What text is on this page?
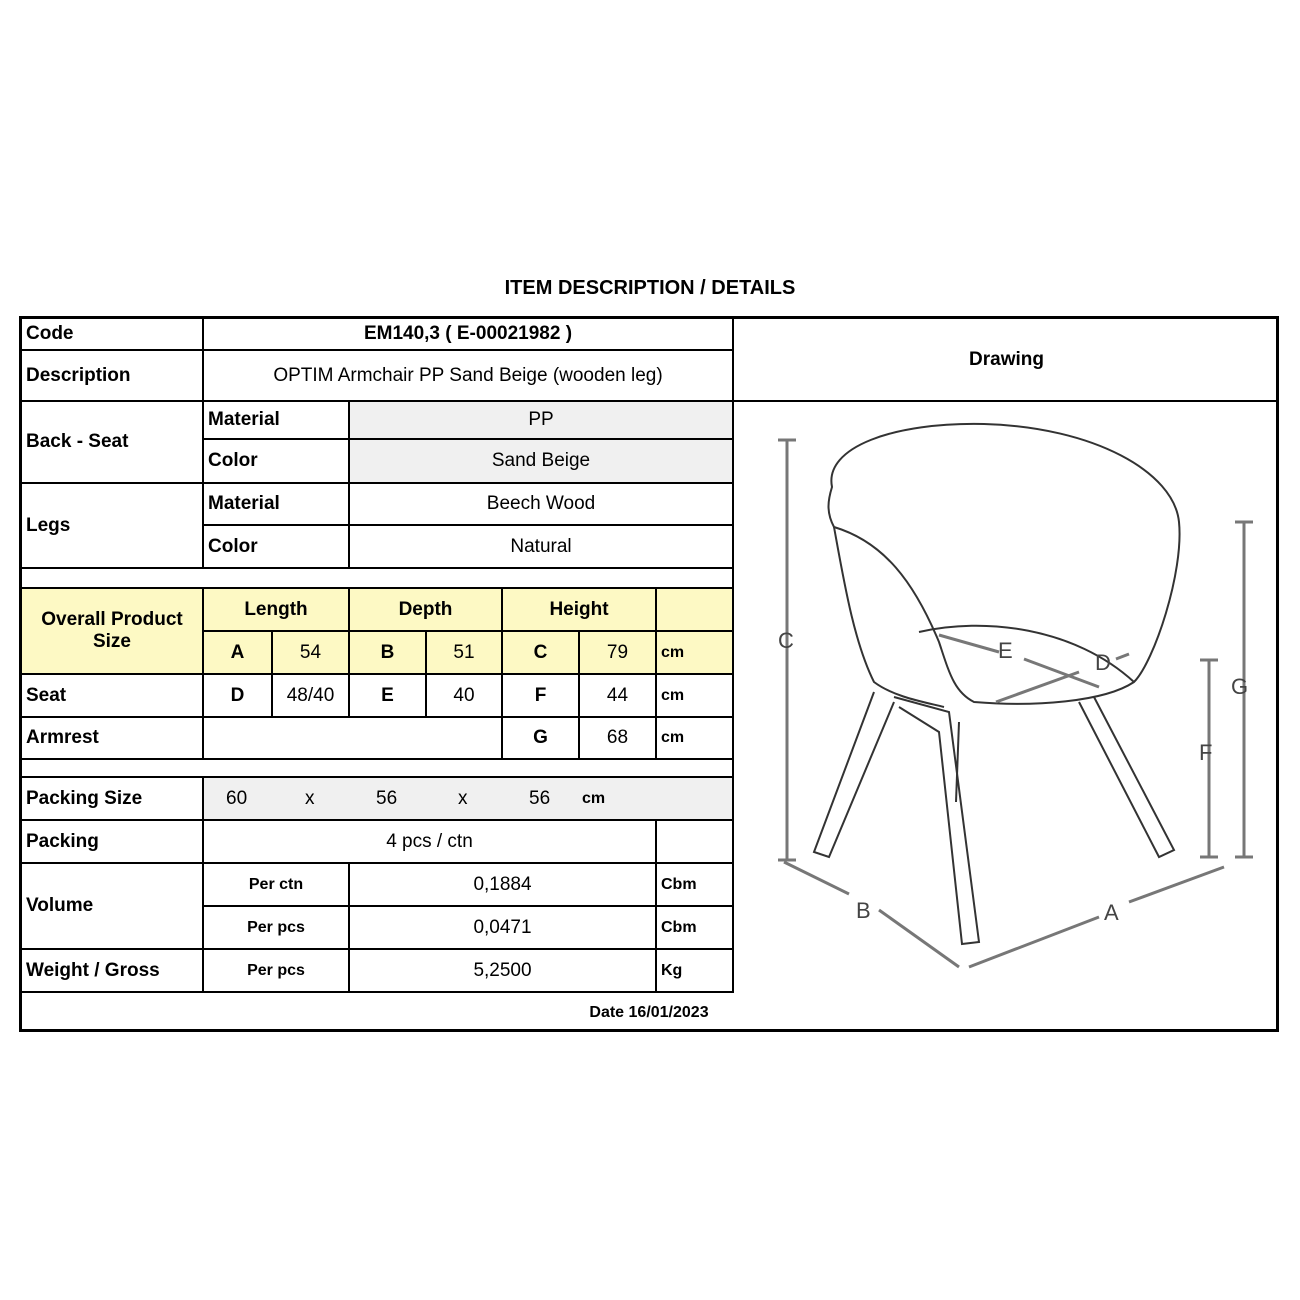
ITEM DESCRIPTION / DETAILS
Code	EM140,3 ( E-00021982 )
Drawing
Description	OPTIM Armchair PP Sand Beige (wooden leg)
Back - Seat
Material	PP
Color	Sand Beige
Legs
Material	Beech Wood
Color	Natural
Overall Product Size
Length	Depth	Height
A	54	B	51	C	79	cm
Seat	D	48/40	E	40	F	44	cm
Armrest	G	68	cm
Packing Size	60	x	56	x	56 cm
Packing	4 pcs / ctn
Volume
Per ctn	0,1884	Cbm
Per pcs	0,0471	Cbm
Weight / Gross	Per pcs	5,2500	Kg
Date 16/01/2023
C
G
F
B	A
E	D
